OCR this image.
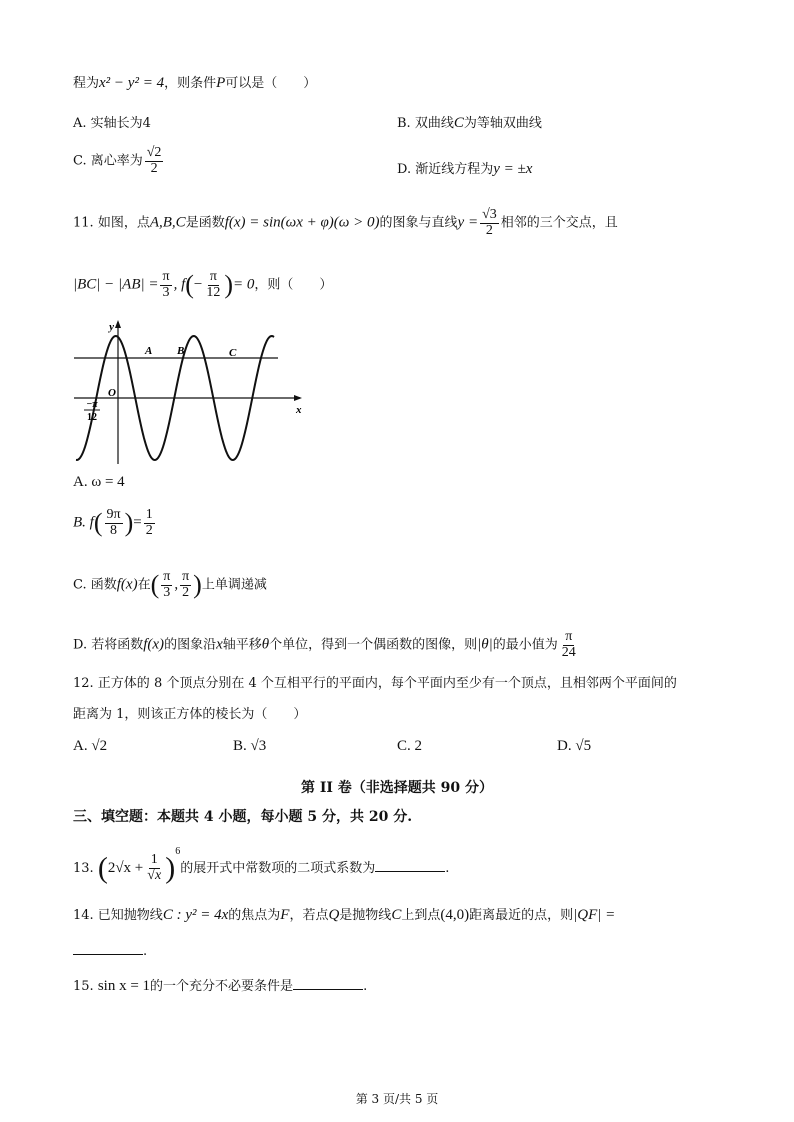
程为x² − y² = 4，则条件P可以是（　　）
A. 实轴长为4	B. 双曲线C为等轴双曲线
C. 离心率为 $\frac{√2}{2}$	D. 渐近线方程为y = ±x
11. 如图，点A,B,C是函数f(x) = sin(ωx + φ)(ω > 0)的图象与直线$y = \frac{√3}{2}$ 相邻的三个交点，且
$|BC| - |AB| = \frac{\pi}{3}$ , $f(- \frac{\pi}{12}$ )= 0，则（　　）
y
x
O
A B	C
−π
12
A. ω = 4
B. $f( \frac{9\pi}{8}$ )= $\frac{1}{2}$
C. 函数f(x)在( $\frac{\pi}{3}$ , $\frac{\pi}{2}$ )上单调递减
D. 若将函数f(x)的图象沿x轴平移θ个单位，得到一个偶函数的图像，则|θ|的最小值为 $\frac{\pi}{24}$
12. 正方体的 8 个顶点分别在 4 个互相平行的平面内，每个平面内至少有一个顶点，且相邻两个平面间的
距离为 1，则该正方体的棱长为（　　）
A. √2	B. √3	C. 2	D. √5
第 II 卷（非选择题共 90 分）
三、填空题：本题共 4 小题，每小题 5 分，共 20 分.
13. $(2√x + \frac{1}{√x} )^6$的展开式中常数项的二项式系数为	.
14. 已知抛物线C : y² = 4x的焦点为F，若点Q是抛物线C上到点(4,0)距离最近的点，则|QF| =
.
15. sin x = 1的一个充分不必要条件是	.
第 3 页/共 5 页
